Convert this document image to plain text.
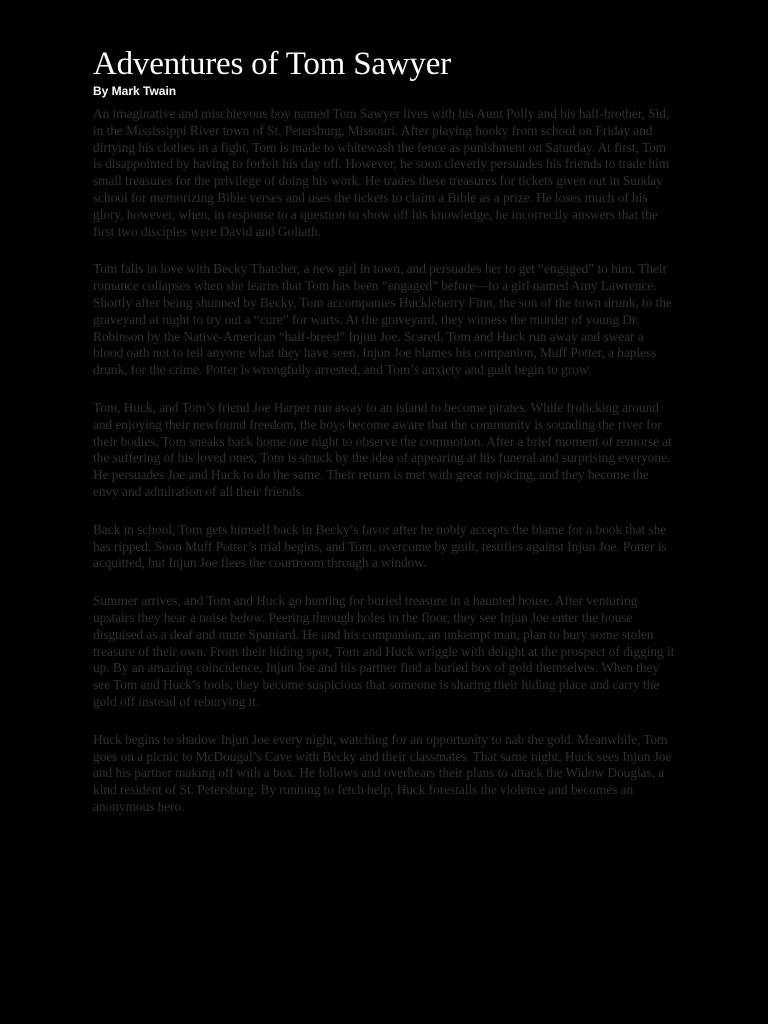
Adventures of Tom Sawyer
By Mark Twain

An imaginative and mischievous boy named Tom Sawyer lives with his Aunt Polly and his half-brother, Sid, in the Mississippi River town of St. Petersburg, Missouri. After playing hooky from school on Friday and dirtying his clothes in a fight, Tom is made to whitewash the fence as punishment on Saturday. At first, Tom is disappointed by having to forfeit his day off. However, he soon cleverly persuades his friends to trade him small treasures for the privilege of doing his work. He trades these treasures for tickets given out in Sunday school for memorizing Bible verses and uses the tickets to claim a Bible as a prize. He loses much of his glory, however, when, in response to a question to show off his knowledge, he incorrectly answers that the first two disciples were David and Goliath.

Tom falls in love with Becky Thatcher, a new girl in town, and persuades her to get “engaged” to him. Their romance collapses when she learns that Tom has been “engaged” before—to a girl named Amy Lawrence. Shortly after being shunned by Becky, Tom accompanies Huckleberry Finn, the son of the town drunk, to the graveyard at night to try out a “cure” for warts. At the graveyard, they witness the murder of young Dr. Robinson by the Native-American “half-breed” Injun Joe. Scared, Tom and Huck run away and swear a blood oath not to tell anyone what they have seen. Injun Joe blames his companion, Muff Potter, a hapless drunk, for the crime. Potter is wrongfully arrested, and Tom’s anxiety and guilt begin to grow.

Tom, Huck, and Tom’s friend Joe Harper run away to an island to become pirates. While frolicking around and enjoying their newfound freedom, the boys become aware that the community is sounding the river for their bodies. Tom sneaks back home one night to observe the commotion. After a brief moment of remorse at the suffering of his loved ones, Tom is struck by the idea of appearing at his funeral and surprising everyone. He persuades Joe and Huck to do the same. Their return is met with great rejoicing, and they become the envy and admiration of all their friends.

Back in school, Tom gets himself back in Becky’s favor after he nobly accepts the blame for a book that she has ripped. Soon Muff Potter’s trial begins, and Tom, overcome by guilt, testifies against Injun Joe. Potter is acquitted, but Injun Joe flees the courtroom through a window.

Summer arrives, and Tom and Huck go hunting for buried treasure in a haunted house. After venturing upstairs they hear a noise below. Peering through holes in the floor, they see Injun Joe enter the house disguised as a deaf and mute Spaniard. He and his companion, an unkempt man, plan to bury some stolen treasure of their own. From their hiding spot, Tom and Huck wriggle with delight at the prospect of digging it up. By an amazing coincidence, Injun Joe and his partner find a buried box of gold themselves. When they see Tom and Huck’s tools, they become suspicious that someone is sharing their hiding place and carry the gold off instead of reburying it.

Huck begins to shadow Injun Joe every night, watching for an opportunity to nab the gold. Meanwhile, Tom goes on a picnic to McDougal’s Cave with Becky and their classmates. That same night, Huck sees Injun Joe and his partner making off with a box. He follows and overhears their plans to attack the Widow Douglas, a kind resident of St. Petersburg. By running to fetch help, Huck forestalls the violence and becomes an anonymous hero.
